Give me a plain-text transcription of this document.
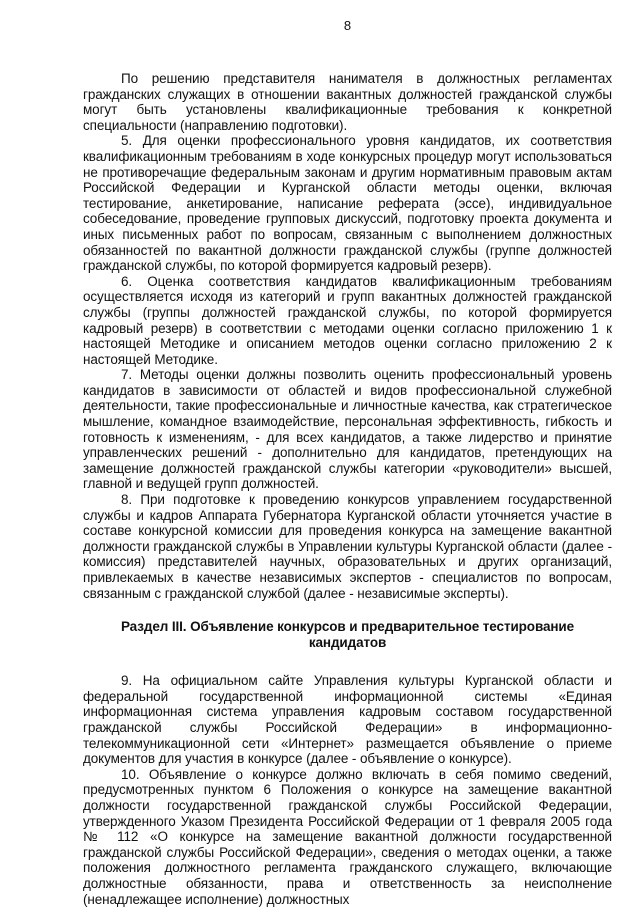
8

По решению представителя нанимателя в должностных регламентах гражданских служащих в отношении вакантных должностей гражданской службы могут быть установлены квалификационные требования к конкретной специальности (направлению подготовки).

5. Для оценки профессионального уровня кандидатов, их соответствия квалификационным требованиям в ходе конкурсных процедур могут использоваться не противоречащие федеральным законам и другим нормативным правовым актам Российской Федерации и Курганской области методы оценки, включая тестирование, анкетирование, написание реферата (эссе), индивидуальное собеседование, проведение групповых дискуссий, подготовку проекта документа и иных письменных работ по вопросам, связанным с выполнением должностных обязанностей по вакантной должности гражданской службы (группе должностей гражданской службы, по которой формируется кадровый резерв).

6. Оценка соответствия кандидатов квалификационным требованиям осуществляется исходя из категорий и групп вакантных должностей гражданской службы (группы должностей гражданской службы, по которой формируется кадровый резерв) в соответствии с методами оценки согласно приложению 1 к настоящей Методике и описанием методов оценки согласно приложению 2 к настоящей Методике.

7. Методы оценки должны позволить оценить профессиональный уровень кандидатов в зависимости от областей и видов профессиональной служебной деятельности, такие профессиональные и личностные качества, как стратегическое мышление, командное взаимодействие, персональная эффективность, гибкость и готовность к изменениям, - для всех кандидатов, а также лидерство и принятие управленческих решений - дополнительно для кандидатов, претендующих на замещение должностей гражданской службы категории «руководители» высшей, главной и ведущей групп должностей.

8. При подготовке к проведению конкурсов управлением государственной службы и кадров Аппарата Губернатора Курганской области уточняется участие в составе конкурсной комиссии для проведения конкурса на замещение вакантной должности гражданской службы в Управлении культуры Курганской области (далее - комиссия) представителей научных, образовательных и других организаций, привлекаемых в качестве независимых экспертов - специалистов по вопросам, связанным с гражданской службой (далее - независимые эксперты).

Раздел III. Объявление конкурсов и предварительное тестирование кандидатов

9. На официальном сайте Управления культуры Курганской области и федеральной государственной информационной системы «Единая информационная система управления кадровым составом государственной гражданской службы Российской Федерации» в информационно-телекоммуникационной сети «Интернет» размещается объявление о приеме документов для участия в конкурсе (далее - объявление о конкурсе).

10. Объявление о конкурсе должно включать в себя помимо сведений, предусмотренных пунктом 6 Положения о конкурсе на замещение вакантной должности государственной гражданской службы Российской Федерации, утвержденного Указом Президента Российской Федерации от 1 февраля 2005 года № 112 «О конкурсе на замещение вакантной должности государственной гражданской службы Российской Федерации», сведения о методах оценки, а также положения должностного регламента гражданского служащего, включающие должностные обязанности, права и ответственность за неисполнение (ненадлежащее исполнение) должностных
